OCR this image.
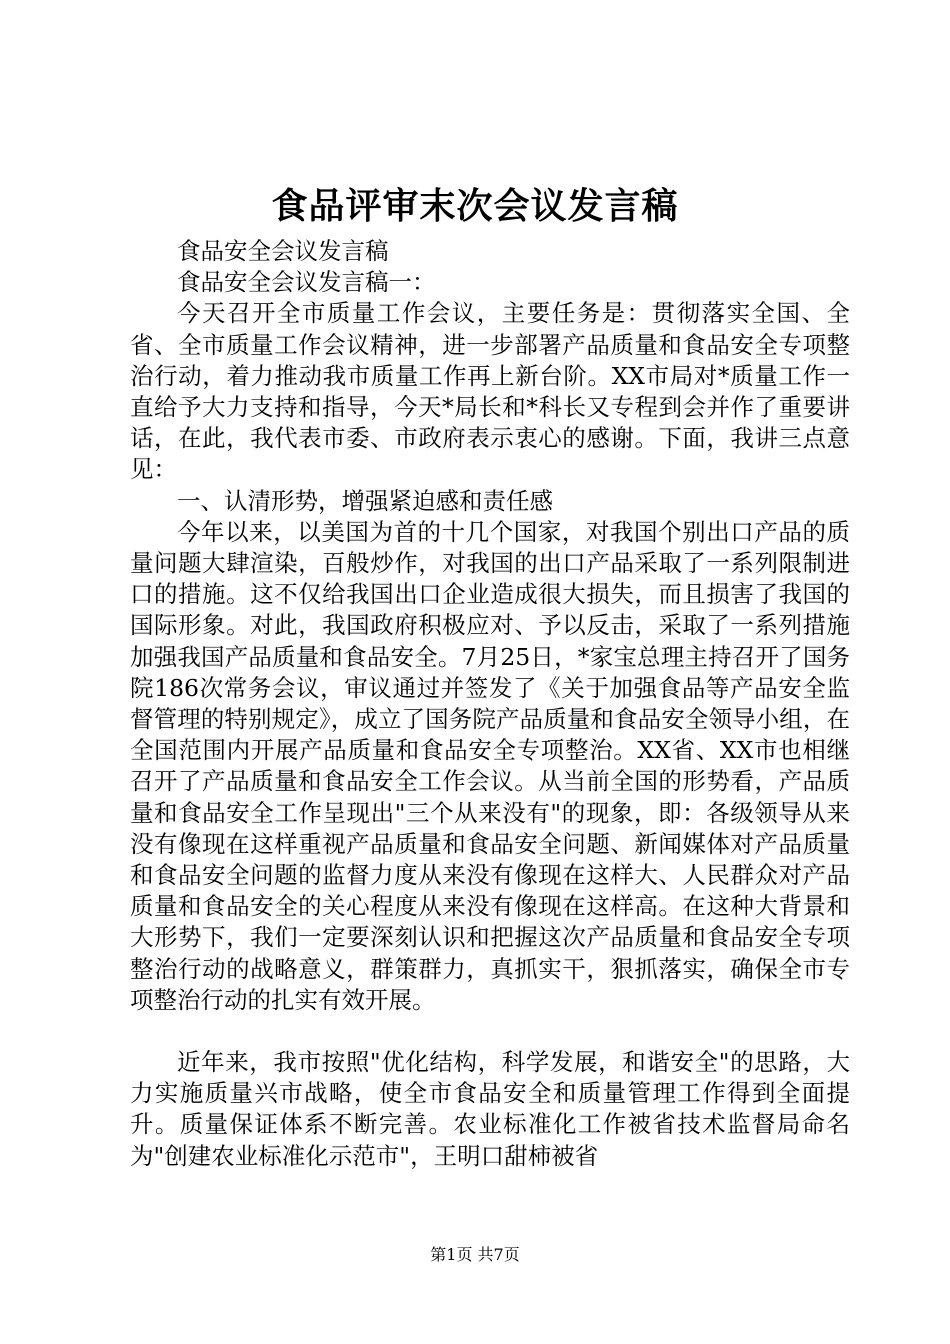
食品评审末次会议发言稿

食品安全会议发言稿

食品安全会议发言稿一：

今天召开全市质量工作会议，主要任务是：贯彻落实全国、全省、全市质量工作会议精神，进一步部署产品质量和食品安全专项整治行动，着力推动我市质量工作再上新台阶。XX市局对*质量工作一直给予大力支持和指导，今天*局长和*科长又专程到会并作了重要讲话，在此，我代表市委、市政府表示衷心的感谢。下面，我讲三点意见：

一、认清形势，增强紧迫感和责任感

今年以来，以美国为首的十几个国家，对我国个别出口产品的质量问题大肆渲染，百般炒作，对我国的出口产品采取了一系列限制进口的措施。这不仅给我国出口企业造成很大损失，而且损害了我国的国际形象。对此，我国政府积极应对、予以反击，采取了一系列措施加强我国产品质量和食品安全。7月25日，*家宝总理主持召开了国务院186次常务会议，审议通过并签发了《关于加强食品等产品安全监督管理的特别规定》，成立了国务院产品质量和食品安全领导小组，在全国范围内开展产品质量和食品安全专项整治。XX省、XX市也相继召开了产品质量和食品安全工作会议。从当前全国的形势看，产品质量和食品安全工作呈现出"三个从来没有"的现象，即：各级领导从来没有像现在这样重视产品质量和食品安全问题、新闻媒体对产品质量和食品安全问题的监督力度从来没有像现在这样大、人民群众对产品质量和食品安全的关心程度从来没有像现在这样高。在这种大背景和大形势下，我们一定要深刻认识和把握这次产品质量和食品安全专项整治行动的战略意义，群策群力，真抓实干，狠抓落实，确保全市专项整治行动的扎实有效开展。

近年来，我市按照"优化结构，科学发展，和谐安全"的思路，大力实施质量兴市战略，使全市食品安全和质量管理工作得到全面提升。质量保证体系不断完善。农业标准化工作被省技术监督局命名为"创建农业标准化示范市"，王明口甜柿被省

第1页 共7页
